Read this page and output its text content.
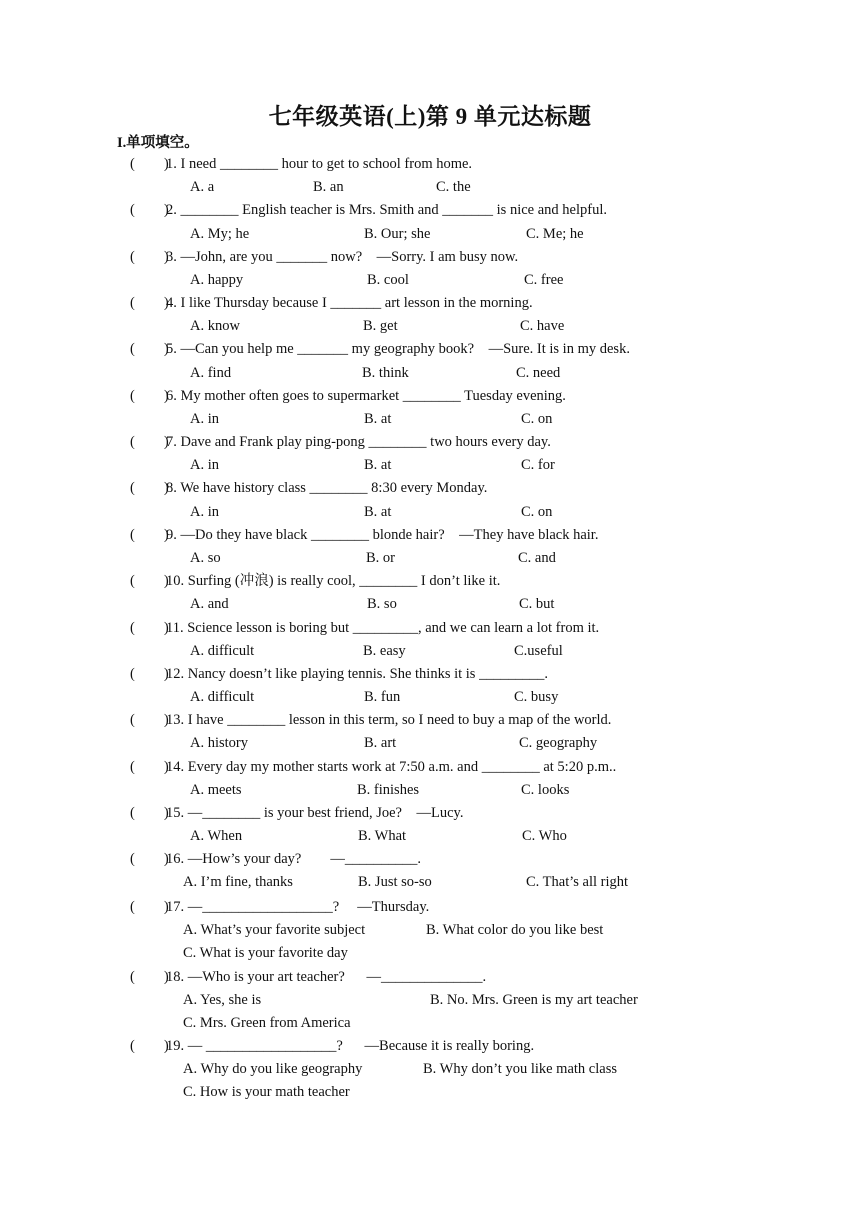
七年级英语(上)第 9 单元达标题
I.单项填空。
(        )
1. I need ________ hour to get to school from home.
A. a	B. an	C. the
(        )
2. ________ English teacher is Mrs. Smith and _______ is nice and helpful.
A. My; he	B. Our; she	C. Me; he
(        )
3. —John, are you _______ now?    —Sorry. I am busy now.
A. happy	B. cool	C. free
(        )
4. I like Thursday because I _______ art lesson in the morning.
A. know	B. get	C. have
(        )
5. —Can you help me _______ my geography book?    —Sure. It is in my desk.
A. find	B. think	C. need
(        )
6. My mother often goes to supermarket ________ Tuesday evening.
A. in	B. at	C. on
(        )
7. Dave and Frank play ping-pong ________ two hours every day.
A. in	B. at	C. for
(        )
8. We have history class ________ 8:30 every Monday.
A. in	B. at	C. on
(        )
9. —Do they have black ________ blonde hair?    —They have black hair.
A. so	B. or	C. and
(        )
10. Surfing (冲浪) is really cool, ________ I don’t like it.
A. and	B. so	C. but
(        )
11. Science lesson is boring but _________, and we can learn a lot from it.
A. difficult	B. easy	C.useful
(        )
12. Nancy doesn’t like playing tennis. She thinks it is _________.
A. difficult	B. fun	C. busy
(        )
13. I have ________ lesson in this term, so I need to buy a map of the world.
A. history	B. art	C. geography
(        )
14. Every day my mother starts work at 7:50 a.m. and ________ at 5:20 p.m..
A. meets	B. finishes	C. looks
(        )
15. —________ is your best friend, Joe?    —Lucy.
A. When	B. What	C. Who
(        )
16. —How’s your day?        —__________.
A. I’m fine, thanks	B. Just so-so	C. That’s all right
(        )
17. —__________________?     —Thursday.
A. What’s your favorite subject	B. What color do you like best
C. What is your favorite day
(        )
18. —Who is your art teacher?      —______________.
A. Yes, she is	B. No. Mrs. Green is my art teacher
C. Mrs. Green from America
(        )
19. — __________________?      —Because it is really boring.
A. Why do you like geography	B. Why don’t you like math class
C. How is your math teacher
